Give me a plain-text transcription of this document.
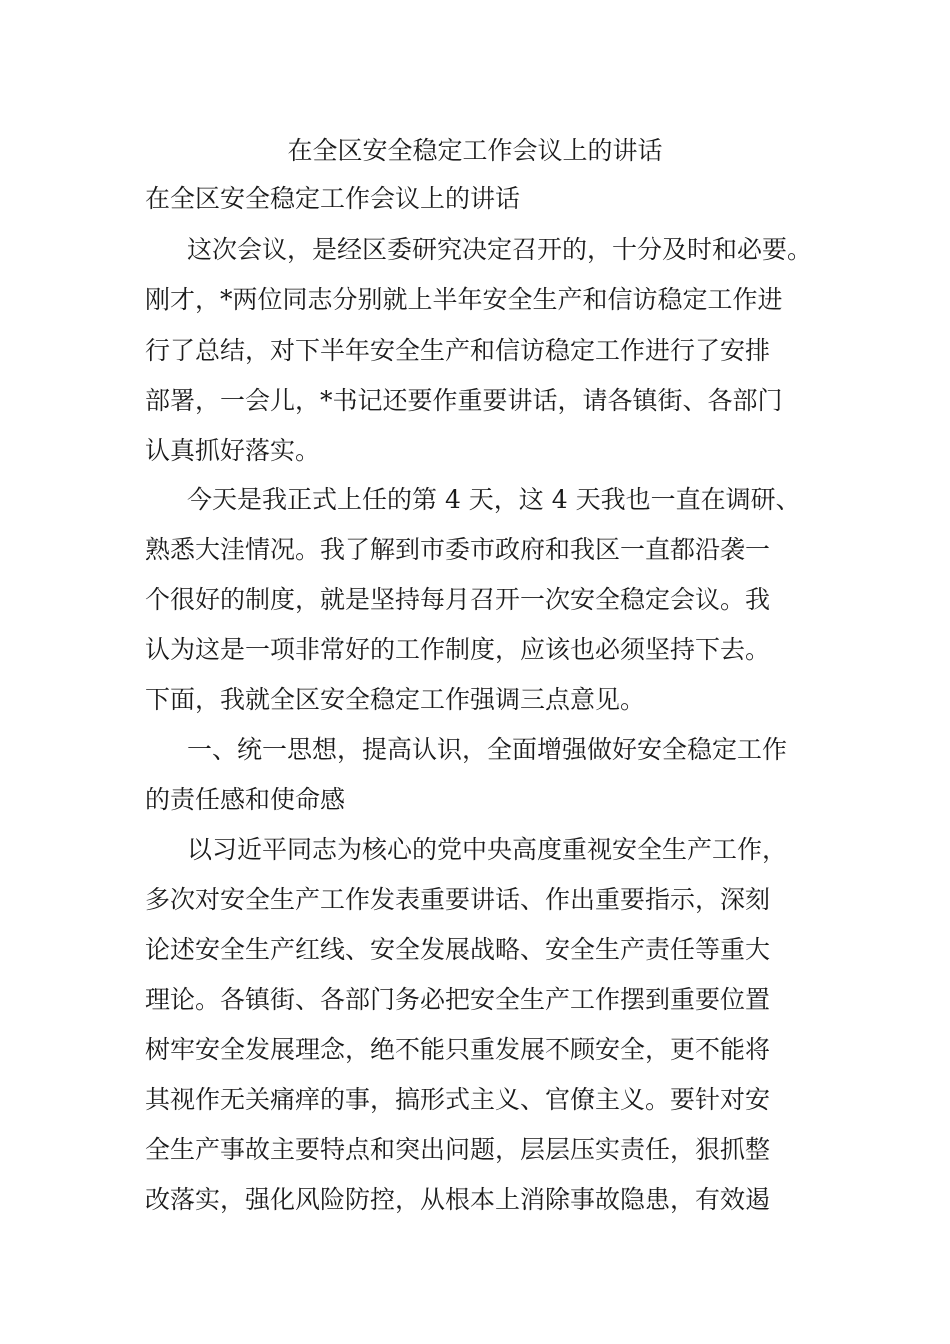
在全区安全稳定工作会议上的讲话
在全区安全稳定工作会议上的讲话

这次会议，是经区委研究决定召开的，十分及时和必要。

刚才，*两位同志分别就上半年安全生产和信访稳定工作进

行了总结，对下半年安全生产和信访稳定工作进行了安排

部署，一会儿，*书记还要作重要讲话，请各镇街、各部门

认真抓好落实。

今天是我正式上任的第 4 天，这 4 天我也一直在调研、

熟悉大洼情况。我了解到市委市政府和我区一直都沿袭一

个很好的制度，就是坚持每月召开一次安全稳定会议。我

认为这是一项非常好的工作制度，应该也必须坚持下去。

下面，我就全区安全稳定工作强调三点意见。

一、统一思想，提高认识，全面增强做好安全稳定工作

的责任感和使命感

以习近平同志为核心的党中央高度重视安全生产工作，

多次对安全生产工作发表重要讲话、作出重要指示，深刻

论述安全生产红线、安全发展战略、安全生产责任等重大

理论。各镇街、各部门务必把安全生产工作摆到重要位置

树牢安全发展理念，绝不能只重发展不顾安全，更不能将

其视作无关痛痒的事，搞形式主义、官僚主义。要针对安

全生产事故主要特点和突出问题，层层压实责任，狠抓整

改落实，强化风险防控，从根本上消除事故隐患，有效遏
